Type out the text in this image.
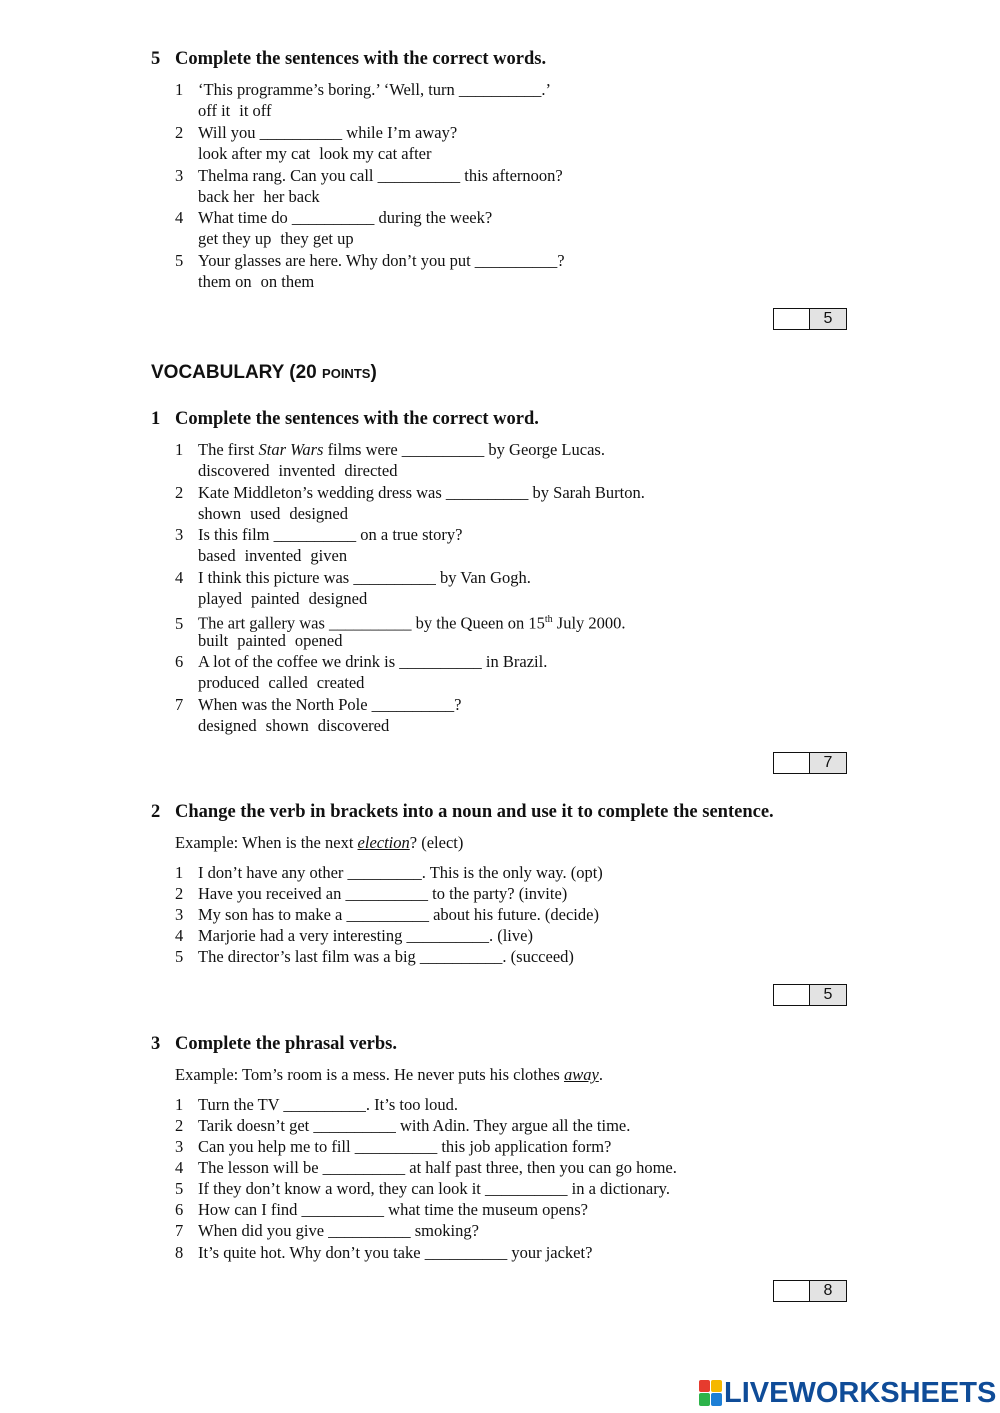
5 Complete the sentences with the correct words.
1 ‘This programme’s boring.’ ‘Well, turn __________.’
off it it off
2 Will you __________ while I’m away?
look after my cat look my cat after
3 Thelma rang. Can you call __________ this afternoon?
back her her back
4 What time do __________ during the week?
get they up they get up
5 Your glasses are here. Why don’t you put __________?
them on on them
5
VOCABULARY (20 POINTS)
1 Complete the sentences with the correct word.
1 The first Star Wars films were __________ by George Lucas.
discovered invented directed
2 Kate Middleton’s wedding dress was __________ by Sarah Burton.
shown used designed
3 Is this film __________ on a true story?
based invented given
4 I think this picture was __________ by Van Gogh.
played painted designed
5 The art gallery was __________ by the Queen on 15th July 2000.
built painted opened
6 A lot of the coffee we drink is __________ in Brazil.
produced called created
7 When was the North Pole __________?
designed shown discovered
7
2 Change the verb in brackets into a noun and use it to complete the sentence.
Example: When is the next election? (elect)
1 I don’t have any other _________. This is the only way. (opt)
2 Have you received an __________ to the party? (invite)
3 My son has to make a __________ about his future. (decide)
4 Marjorie had a very interesting __________. (live)
5 The director’s last film was a big __________. (succeed)
5
3 Complete the phrasal verbs.
Example: Tom’s room is a mess. He never puts his clothes away.
1 Turn the TV __________. It’s too loud.
2 Tarik doesn’t get __________ with Adin. They argue all the time.
3 Can you help me to fill __________ this job application form?
4 The lesson will be __________ at half past three, then you can go home.
5 If they don’t know a word, they can look it __________ in a dictionary.
6 How can I find __________ what time the museum opens?
7 When did you give __________ smoking?
8 It’s quite hot. Why don’t you take __________ your jacket?
8
LIVEWORKSHEETS
